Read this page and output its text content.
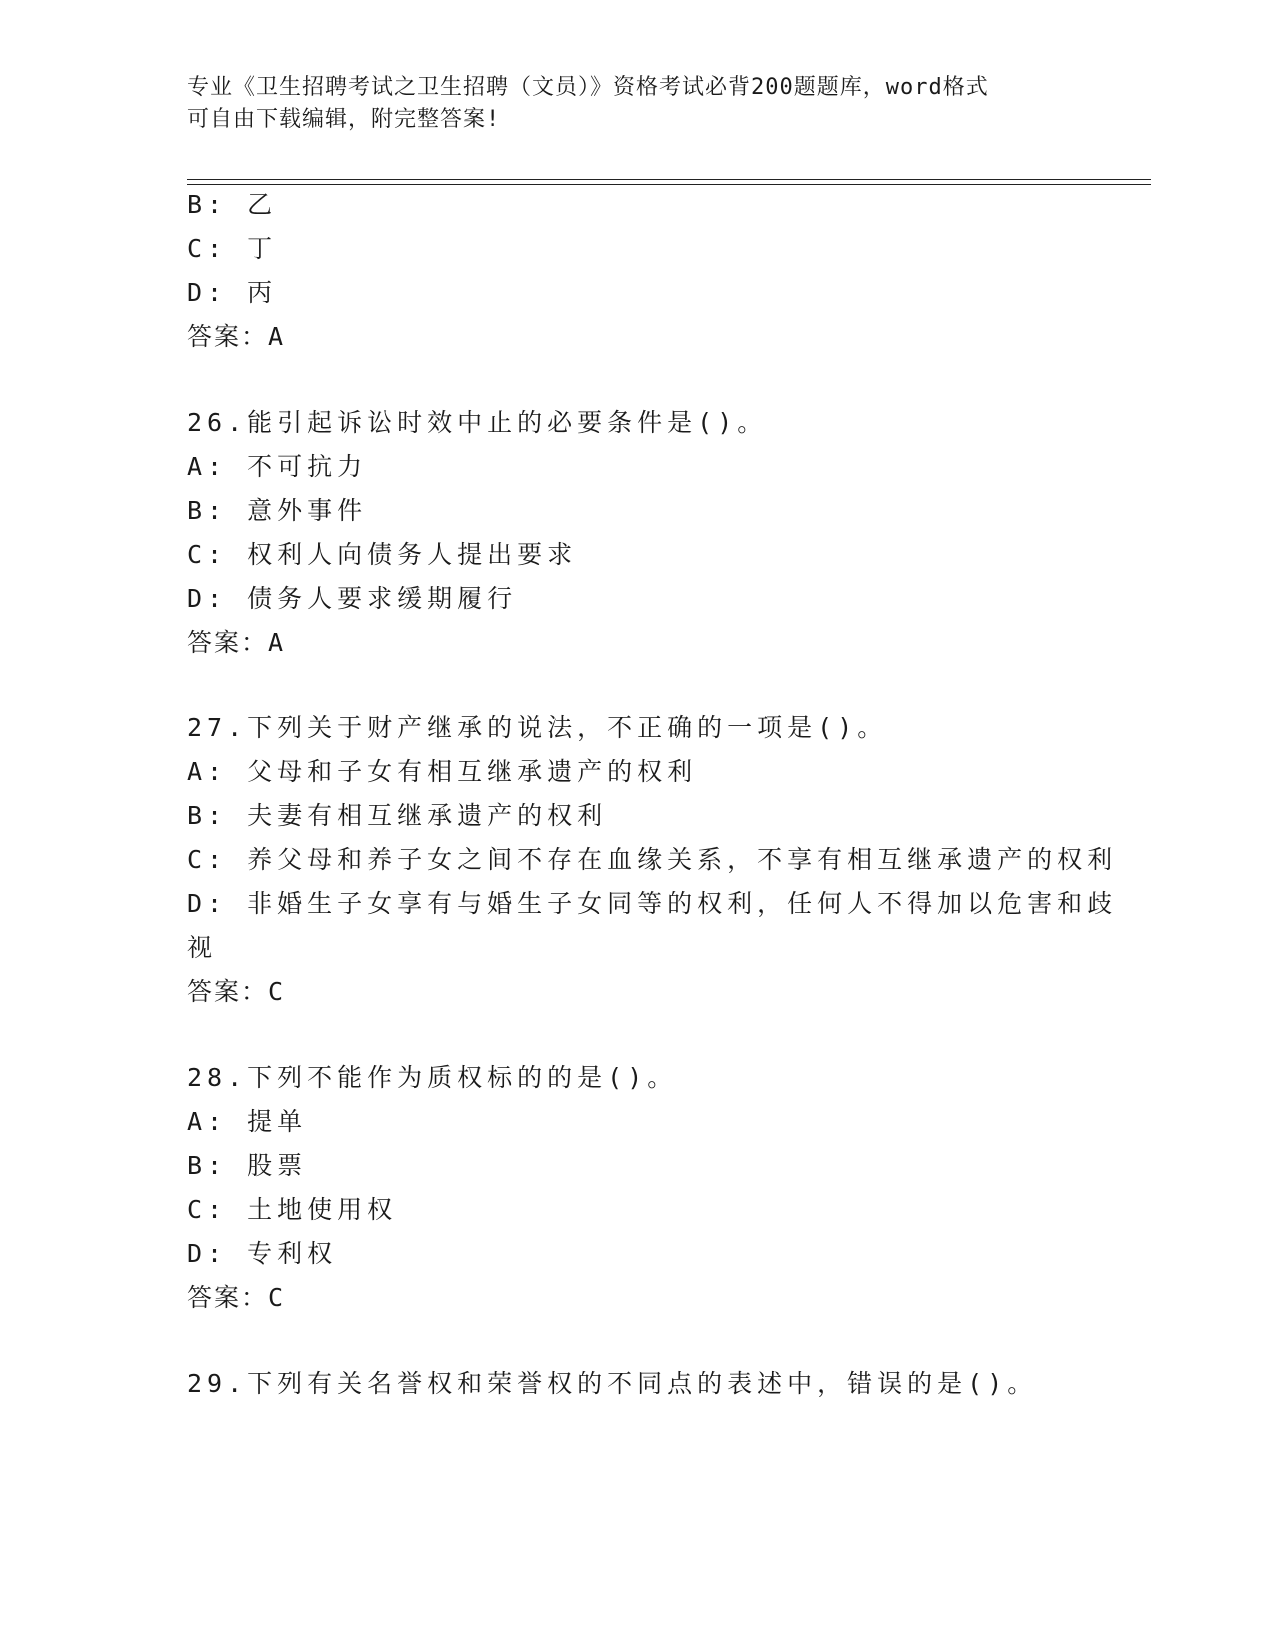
专业《卫生招聘考试之卫生招聘（文员）》资格考试必背200题题库，word格式
可自由下载编辑，附完整答案!
B: 乙
C: 丁
D: 丙
答案：A
26.能引起诉讼时效中止的必要条件是()。
A: 不可抗力
B: 意外事件
C: 权利人向债务人提出要求
D: 债务人要求缓期履行
答案：A
27.下列关于财产继承的说法，不正确的一项是()。
A: 父母和子女有相互继承遗产的权利
B: 夫妻有相互继承遗产的权利
C: 养父母和养子女之间不存在血缘关系，不享有相互继承遗产的权利
D: 非婚生子女享有与婚生子女同等的权利，任何人不得加以危害和歧
视
答案：C
28.下列不能作为质权标的的是()。
A: 提单
B: 股票
C: 土地使用权
D: 专利权
答案：C
29.下列有关名誉权和荣誉权的不同点的表述中，错误的是()。
